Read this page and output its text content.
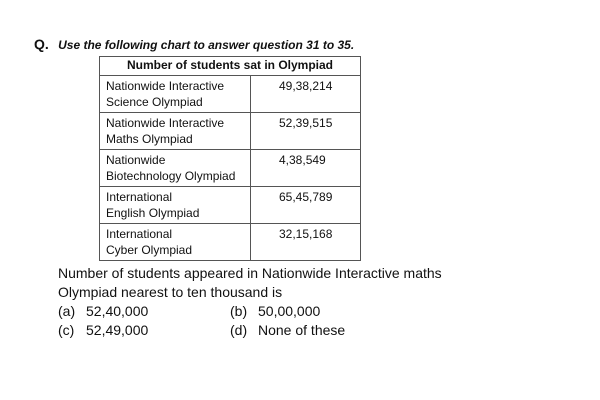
Q. Use the following chart to answer question 31 to 35.
Number of students sat in Olympiad	

Nationwide Interactive
Science Olympiad	49,38,214

Nationwide Interactive
Maths Olympiad	52,39,515

Nationwide
Biotechnology Olympiad	4,38,549

International
English Olympiad	65,45,789

International
Cyber Olympiad	32,15,168
Number of students appeared in Nationwide Interactive maths
Olympiad nearest to ten thousand is
(a) 52,40,000	(b) 50,00,000
(c) 52,49,000	(d) None of these
